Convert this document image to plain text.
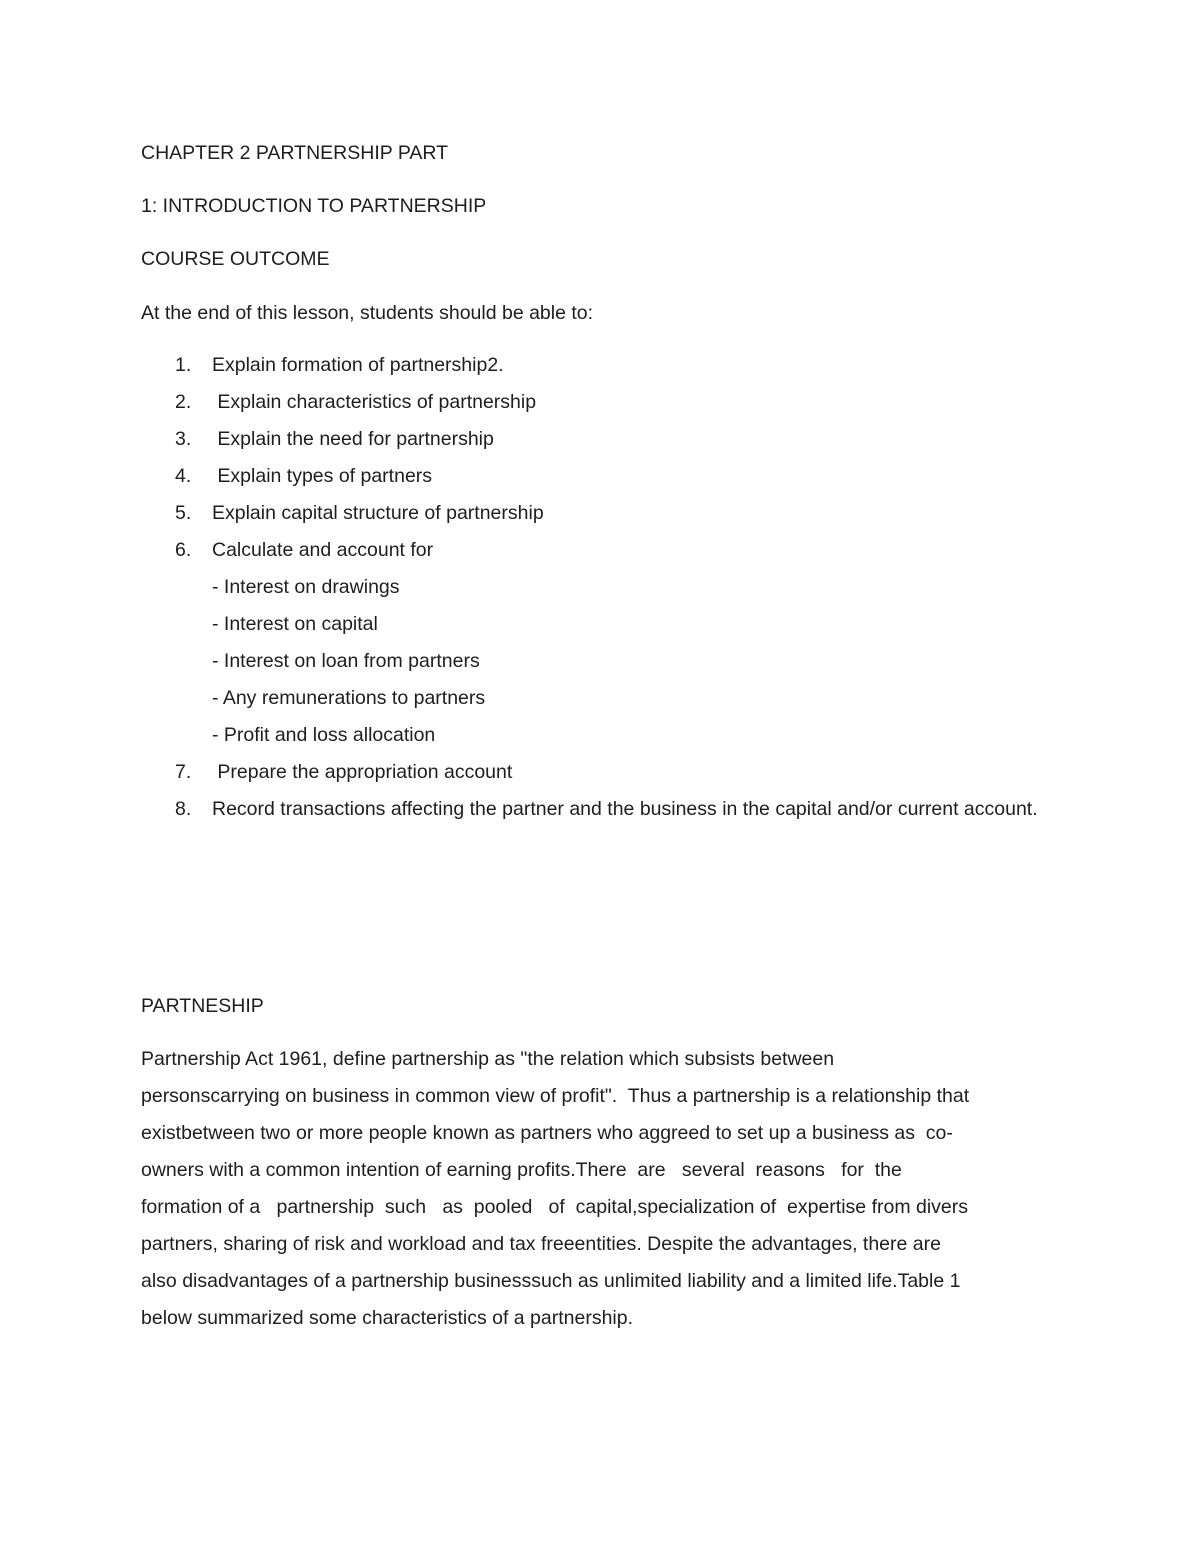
CHAPTER 2 PARTNERSHIP PART
1: INTRODUCTION TO PARTNERSHIP
COURSE OUTCOME
At the end of this lesson, students should be able to:
1. Explain formation of partnership2.
2. Explain characteristics of partnership
3. Explain the need for partnership
4. Explain types of partners
5. Explain capital structure of partnership
6. Calculate and account for
- Interest on drawings
- Interest on capital
- Interest on loan from partners
- Any remunerations to partners
- Profit and loss allocation
7. Prepare the appropriation account
8. Record transactions affecting the partner and the business in the capital and/or current account.
PARTNESHIP

Partnership Act 1961, define partnership as "the relation which subsists between
personscarrying on business in common view of profit".  Thus a partnership is a relationship that
existbetween two or more people known as partners who aggreed to set up a business as  co-
owners with a common intention of earning profits.There  are   several  reasons   for  the
formation of a   partnership  such   as  pooled   of  capital,specialization of  expertise from divers
partners, sharing of risk and workload and tax freeentities. Despite the advantages, there are
also disadvantages of a partnership businesssuch as unlimited liability and a limited life.Table 1
below summarized some characteristics of a partnership.
